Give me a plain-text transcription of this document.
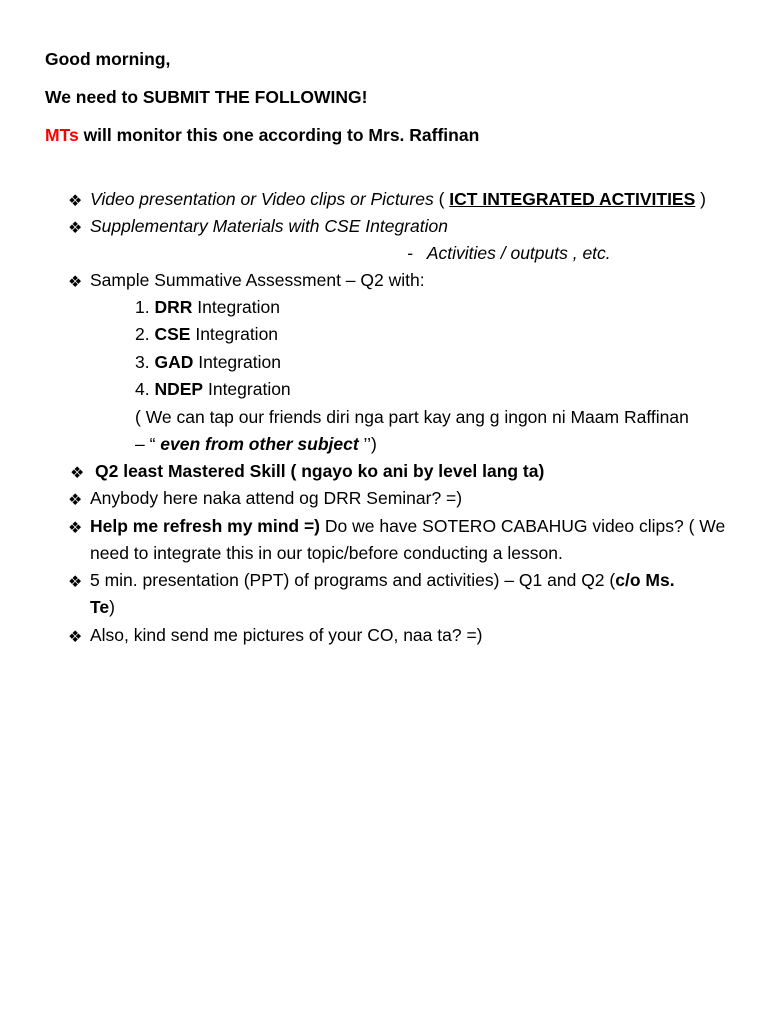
Good morning,
We need to SUBMIT THE FOLLOWING!
MTs will monitor this one according to Mrs. Raffinan
❖ Video presentation or Video clips or Pictures ( ICT INTEGRATED ACTIVITIES )
❖ Supplementary Materials with CSE Integration
- Activities / outputs , etc.
❖ Sample Summative Assessment – Q2 with:
1. DRR Integration
2. CSE Integration
3. GAD Integration
4. NDEP Integration
( We can tap our friends diri nga part kay ang g ingon ni Maam Raffinan
– “ even from other subject ’’)
❖ Q2 least Mastered Skill ( ngayo ko ani by level lang ta)
❖ Anybody here naka attend og DRR Seminar? =)
❖ Help me refresh my mind =) Do we have SOTERO CABAHUG video clips? ( We
need to integrate this in our topic/before conducting a lesson.
❖ 5 min. presentation (PPT) of programs and activities) – Q1 and Q2 (c/o Ms.
Te)
❖ Also, kind send me pictures of your CO, naa ta? =)
